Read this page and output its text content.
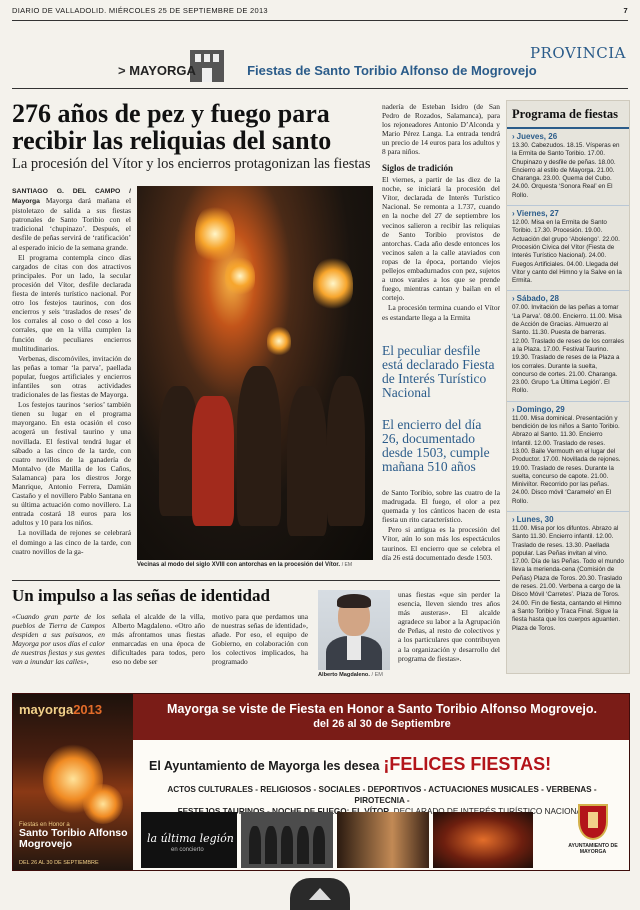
DIARIO DE VALLADOLID. MIÉRCOLES 25 DE SEPTIEMBRE DE 2013	7
PROVINCIA
> MAYORGA	Fiestas de Santo Toribio Alfonso de Mogrovejo
276 años de pez y fuego para recibir las reliquias del santo
La procesión del Vítor y los encierros protagonizan las fiestas

SANTIAGO G. DEL CAMPO / Mayorga Mayorga dará mañana el pistoletazo de salida a sus fiestas patronales de Santo Toribio con el tradicional ‘chupinazo’. Después, el desfile de peñas servirá de ‘ratificación’ al esperado inicio de la semana grande.

El programa contempla cinco días cargados de citas con dos atractivos principales. Por un lado, la secular procesión del Vítor, desfile declarada fiesta de interés turístico nacional. Por otro los festejos taurinos, con dos encierros y seis ‘traslados de reses’ de los corrales al coso o del coso a los corrales, que en la villa cumplen la función de peculiares encierros multitudinarios.

Verbenas, discomóviles, invitación de las peñas a tomar ‘la parva’, paellada popular, fuegos artificiales y encierros infantiles son otras actividades tradicionales de las fiestas de Mayorga.

Los festejos taurinos ‘serios’ también tienen su lugar en el programa mayorgano. En esta ocasión el coso acogerá un festival taurino y una novillada. El festival tendrá lugar el sábado a las cinco de la tarde, con cuatro novillos de la ganadería de Montalvo (de Matilla de los Caños, Salamanca) para los diestros Jorge Manrique, Antonio Ferrera, Damián Castaño y el novillero Pablo Santana en su última actuación como novillero. La entrada costará 18 euros para los adultos y 10 para los niños.

La novillada de rejones se celebrará el domingo a las cinco de la tarde, con cuatro novillos de la ga-

Vecinas al modo del siglo XVIII con antorchas en la procesión del Vítor. / EM

nadería de Esteban Isidro (de San Pedro de Rozados, Salamanca), para los rejoneadores Antonio D’Alconda y Mario Pérez Langa. La entrada tendrá un precio de 14 euros para los adultos y 8 para niños.

Siglos de tradición

El viernes, a partir de las diez de la noche, se iniciará la procesión del Vítor, declarada de Interés Turístico Nacional. Se remonta a 1.737, cuando en la noche del 27 de septiembre los vecinos salieron a recibir las reliquias de Santo Toribio provistos de antorchas. Cada año desde entonces los vecinos salen a la calle ataviados con ropas de la época, portando viejos pellejos embadurnados con pez, sujetos a unos varales a los que se prende fuego, mientras cantan y bailan en el cortejo.

La procesión termina cuando el Vítor es estandarte llega a la Ermita

El peculiar desfile está declarado Fiesta de Interés Turístico Nacional
El encierro del día 26, documentado desde 1503, cumple mañana 510 años

de Santo Toribio, sobre las cuatro de la madrugada. El fuego, el olor a pez quemada y los cánticos hacen de esta fiesta un rito característico.

Pero si antigua es la procesión del Vítor, aún lo son más los espectáculos taurinos. El encierro que se celebra el día 26 está documentado desde 1503.

Programa de fiestas
› Jueves, 26
13.30. Cabezudos. 18.15. Vísperas en la Ermita de Santo Toribio. 17.00. Chupinazo y desfile de peñas. 18.00. Encierro al estilo de Mayorga. 21.00. Charanga. 23.00. Quema del Cubo. 24.00. Orquesta ‘Sonora Real’ en El Rollo.
› Viernes, 27
12.00. Misa en la Ermita de Santo Toribio. 17.30. Procesión. 19.00. Actuación del grupo ‘Abolengo’. 22.00. Procesión Cívica del Vítor (Fiesta de Interés Turístico Nacional). 24.00. Fuegos Artificiales. 04.00. Llegada del Vítor y canto del Himno y la Salve en la Ermita.
› Sábado, 28
07.00. Invitación de las peñas a tomar ‘La Parva’. 08.00. Encierro. 11.00. Misa de Acción de Gracias. Almuerzo al Santo. 11.30. Puesta de barreras. 12.00. Traslado de reses de los corrales a la Plaza. 17.00. Festival Taurino. 19.30. Traslado de reses de la Plaza a los corrales. Durante la suelta, concurso de cortes. 21.00. Charanga. 23.00. Grupo ‘La Última Legión’. El Rollo.
› Domingo, 29
11.00. Misa dominical. Presentación y bendición de los niños a Santo Toribio. Abrazo al Santo. 11.30. Encierro Infantil. 12.00. Traslado de reses. 13.00. Baile Vermouth en el lugar del Productor. 17.00. Novillada de rejones. 19.00. Traslado de reses. Durante la suelta, concurso de capote. 21.00. Miniviítor. Recorrido por las peñas. 24.00. Disco móvil ‘Caramelo’ en El Rollo.
› Lunes, 30
11.00. Misa por los difuntos. Abrazo al Santo 11.30. Encierro infantil. 12.00. Traslado de reses. 13.30. Paellada popular. Las Peñas invitan al vino. 17.00. Día de las Peñas. Todo el mundo lleva la merienda-cena (Comisión de Peñas) Plaza de Toros. 20.30. Traslado de reses. 21.00. Verbena a cargo de la Disco Móvil ‘Carretes’. Plaza de Toros. 24.00. Fin de fiesta, cantando el Himno a Santo Toribio y Traca Final. Sigue la fiesta hasta que los cuerpos aguanten. Plaza de Toros.
Un impulso a las señas de identidad

«Cuando gran parte de los pueblos de Tierra de Campos despiden a sus paisanos, en Mayorga por usos días el calor de nuestras fiestas y sus gentes van a inundar las calles»,

señala el alcalde de la villa, Alberto Magdaleno. «Otro año más afrontamos unas fiestas enmarcadas en una época de dificultades para todos, pero eso no debe ser

motivo para que perdamos una de nuestras señas de identidad», añade. Por eso, el equipo de Gobierno, en colaboración con los colectivos implicados, ha programado

Alberto Magdaleno. / EM

unas fiestas «que sin perder la esencia, lleven siendo tres años más austeras». El alcalde agradece su labor a la Agrupación de Peñas, al resto de colectivos y a los particulares que contribuyen a la organización y desarrollo del programa de fiestas».

mayorga2013
Fiestas en Honor a
Santo Toribio Alfonso Mogrovejo
DEL 26 AL 30 DE SEPTIEMBRE
Mayorga se viste de Fiesta en Honor a Santo Toribio Alfonso Mogrovejo.
del 26 al 30 de Septiembre
El Ayuntamiento de Mayorga les desea ¡FELICES FIESTAS!
ACTOS CULTURALES - RELIGIOSOS - SOCIALES - DEPORTIVOS - ACTUACIONES MUSICALES - VERBENAS - PIROTECNIA -
FUEGO:	NACIONAL
la última legión
en concierto
AYUNTAMIENTO DE MAYORGA
